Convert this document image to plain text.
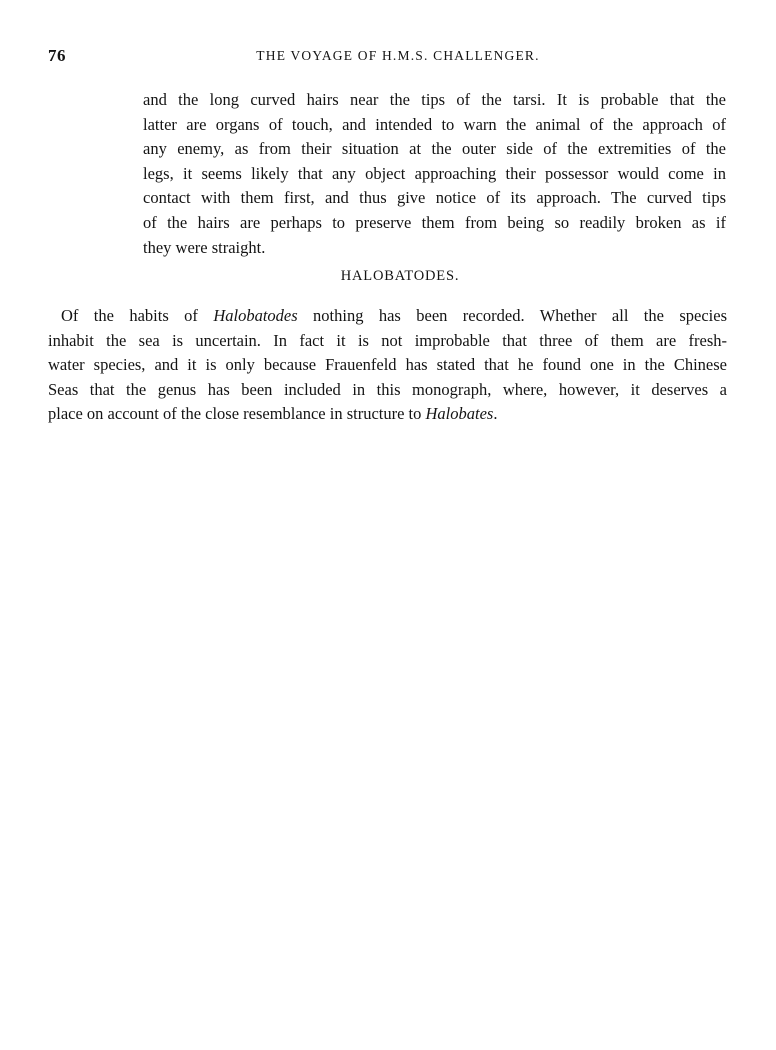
76	THE VOYAGE OF H.M.S. CHALLENGER.

and the long curved hairs near the tips of the tarsi. It is probable that the
latter are organs of touch, and intended to warn the animal of the approach of
any enemy, as from their situation at the outer side of the extremities of the
legs, it seems likely that any object approaching their possessor would come in
contact with them first, and thus give notice of its approach. The curved tips
of the hairs are perhaps to preserve them from being so readily broken as if
they were straight.

HALOBATODES.

Of the habits of Halobatodes nothing has been recorded. Whether all the species
inhabit the sea is uncertain. In fact it is not improbable that three of them are fresh-
water species, and it is only because Frauenfeld has stated that he found one in the Chinese
Seas that the genus has been included in this monograph, where, however, it deserves a
place on account of the close resemblance in structure to Halobates.
